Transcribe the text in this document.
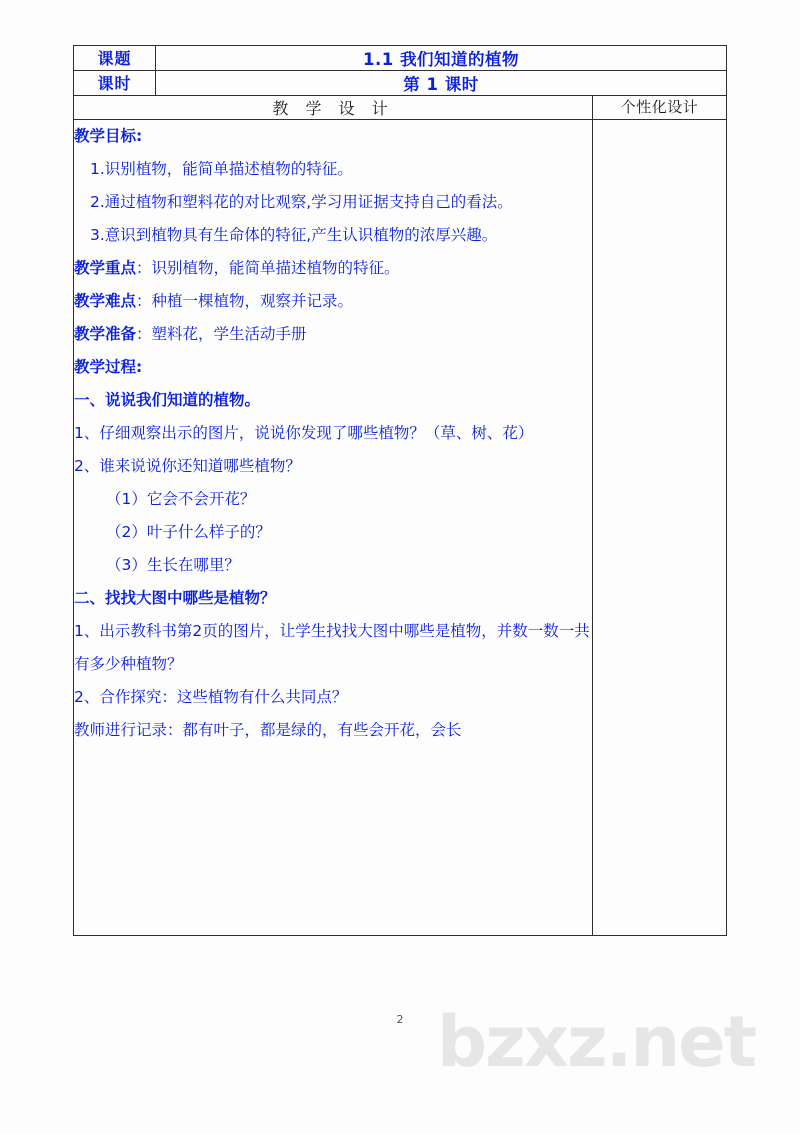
课题	1.1 我们知道的植物	
课时	第 1 课时	
教 学 设 计		个性化设计

教学目标:

1.识别植物，能简单描述植物的特征。

2.通过植物和塑料花的对比观察,学习用证据支持自己的看法。

3.意识到植物具有生命体的特征,产生认识植物的浓厚兴趣。

教学重点：识别植物，能简单描述植物的特征。

教学难点：种植一棵植物，观察并记录。

教学准备：塑料花，学生活动手册

教学过程:

一、说说我们知道的植物。

1、仔细观察出示的图片，说说你发现了哪些植物？（草、树、花）

2、谁来说说你还知道哪些植物？

（1）它会不会开花？

（2）叶子什么样子的？

（3）生长在哪里？

二、找找大图中哪些是植物？

1、出示教科书第2页的图片，让学生找找大图中哪些是植物，并数一数一共有多少种植物？

2、合作探究：这些植物有什么共同点？

教师进行记录：都有叶子，都是绿的，有些会开花，会长

2 bzxz.net
